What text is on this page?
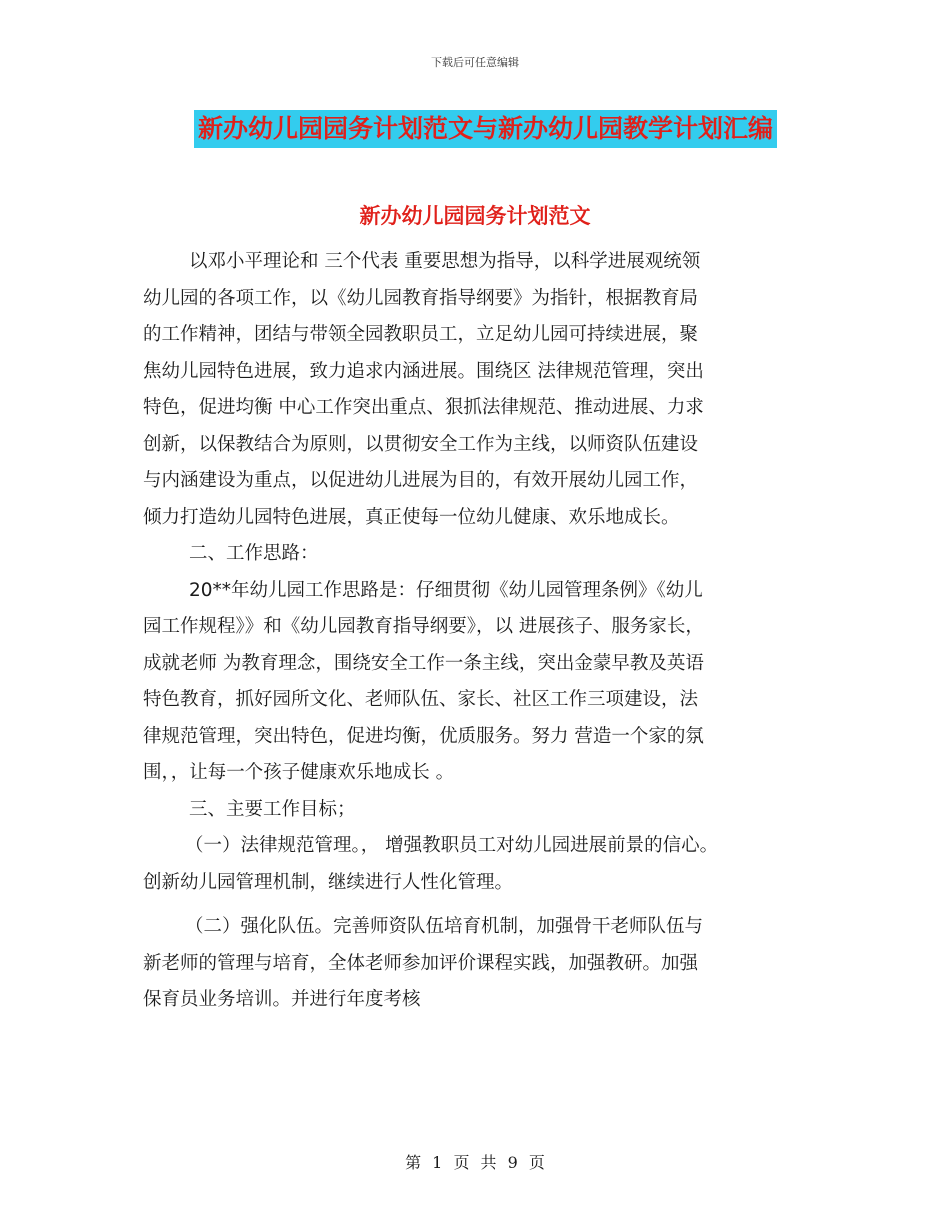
下载后可任意编辑
新办幼儿园园务计划范文与新办幼儿园教学计划汇编
新办幼儿园园务计划范文
以邓小平理论和 三个代表 重要思想为指导，以科学进展观统领
幼儿园的各项工作，以《幼儿园教育指导纲要》为指针，根据教育局
的工作精神，团结与带领全园教职员工，立足幼儿园可持续进展，聚
焦幼儿园特色进展，致力追求内涵进展。围绕区 法律规范管理，突出
特色，促进均衡 中心工作突出重点、狠抓法律规范、推动进展、力求
创新，以保教结合为原则，以贯彻安全工作为主线，以师资队伍建设
与内涵建设为重点，以促进幼儿进展为目的，有效开展幼儿园工作，
倾力打造幼儿园特色进展，真正使每一位幼儿健康、欢乐地成长。
二、工作思路：
20**年幼儿园工作思路是：仔细贯彻《幼儿园管理条例》《幼儿
园工作规程》》和《幼儿园教育指导纲要》，以 进展孩子、服务家长，
成就老师 为教育理念，围绕安全工作一条主线，突出金蒙早教及英语
特色教育，抓好园所文化、老师队伍、家长、社区工作三项建设，法
律规范管理，突出特色，促进均衡，优质服务。努力 营造一个家的氛
围，，让每一个孩子健康欢乐地成长 。
三、主要工作目标；
（一）法律规范管理。， 增强教职员工对幼儿园进展前景的信心。
创新幼儿园管理机制，继续进行人性化管理。
（二）强化队伍。完善师资队伍培育机制，加强骨干老师队伍与
新老师的管理与培育，全体老师参加评价课程实践，加强教研。加强
保育员业务培训。并进行年度考核
第 1 页 共 9 页
